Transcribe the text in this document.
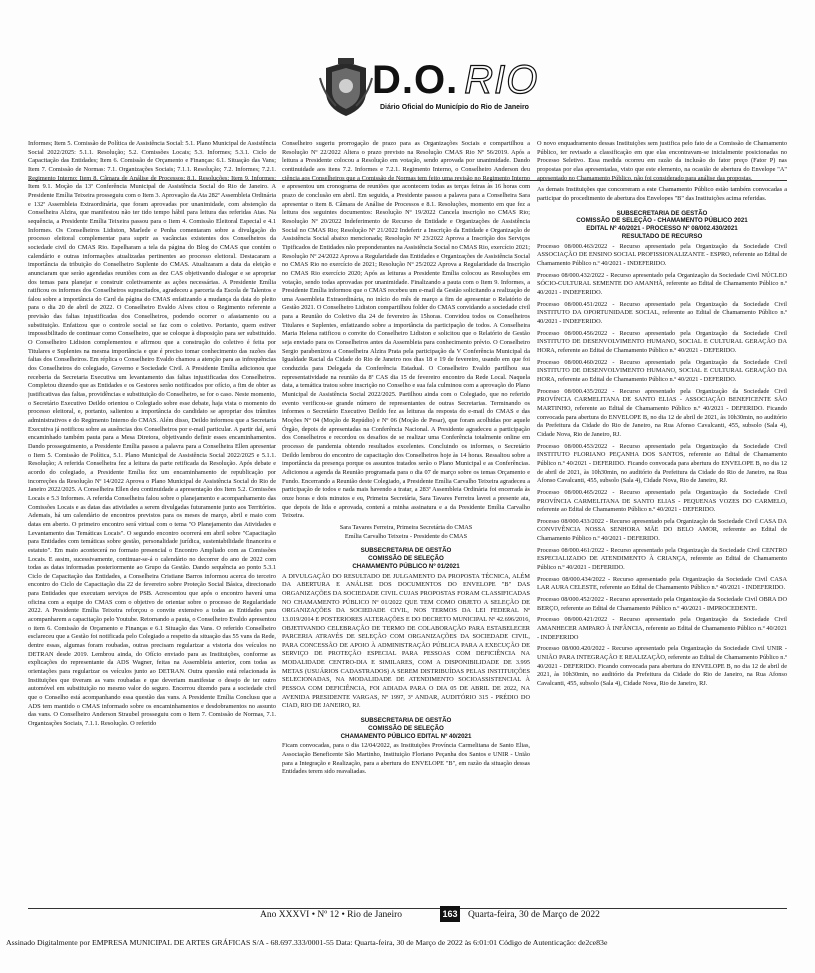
D.O. RIO
Diário Oficial do Município do Rio de Janeiro

Informes; Item 5. Comissão de Política de Assistência Social: 5.1. Plano Municipal de Assistência Social 2022/2025: 5.1.1. Resolução; 5.2. Comissões Locais; 5.3. Informes; 5.3.1. Ciclo de Capacitação das Entidades; Item 6. Comissão de Orçamento e Finanças: 6.1. Situação das Vans; Item 7. Comissão de Normas: 7.1. Organizações Sociais; 7.1.1. Resolução; 7.2. Informes; 7.2.1. Regimento Interno; Item 8. Câmara de Análise de Processos: 8.1. Resoluções; Item 9. Informes; Item 9.1. Moção da 13ª Conferência Municipal de Assistência Social do Rio de Janeiro. A Presidente Emília Teixeira prosseguiu com o Item 3. Aprovação da Ata 282ª Assembleia Ordinária e 132ª Assembleia Extraordinária, que foram aprovadas por unanimidade, com abstenção da Conselheira Alzira, que manifestou não ter tido tempo hábil para leitura das referidas Atas. Na sequência, a Presidente Emília Teixeira passou para o Item 4. Comissão Eleitoral Especial e 4.1 Informes. Os Conselheiros Lidiston, Marlede e Penha comentaram sobre a divulgação do processo eleitoral complementar para suprir as vacâncias existentes dos Conselheiros da sociedade civil do CMAS Rio. Espelharam a tela da página do Blog do CMAS que contém o calendário e outras informações atualizadas pertinentes ao processo eleitoral. Destacaram a importância da tribuição do Conselheiro Suplente do CMAS. Atualizaram a data da eleição e anunciaram que serão agendadas reuniões com as dez CAS objetivando dialogar e se apropriar dos temas para planejar e construir coletivamente as ações necessárias. A Presidente Emília ratificou os informes dos Conselheiros supracitados, agradeceu a parceria da Escola de Talentos e falou sobre a importância do Card da página do CMAS enfatizando a mudança da data do pleito para o dia 20 de abril de 2022. O Conselheiro Evaldo Alves citou o Regimento referente a previsão das faltas injustificadas dos Conselheiros, podendo ocorrer o afastamento ou a substituição. Enfatizou que o controle social se faz com o coletivo. Portanto, quem estiver impossibilitado de continuar como Conselheiro, que se coloque à disposição para ser substituído. O Conselheiro Lidiston complementou e afirmou que a construção do coletivo é feita por Titulares e Suplentes na mesma importância e que é preciso tomar conhecimento das razões das faltas dos Conselheiros. Em réplica o Conselheiro Evaldo chamou a atenção para as infrequências dos Conselheiros do colegiado, Governo e Sociedade Civil. A Presidente Emília adicionou que receberia da Secretaria Executiva um levantamento das faltas injustificadas dos Conselheiros. Completou dizendo que as Entidades e os Gestores serão notificados por ofício, a fim de obter as justificativas das faltas, providências e substituição do Conselheiro, se for o caso. Neste momento, o Secretário Executivo Deildo orientou o Colegiado sobre esse debate, haja vista o momento do processo eleitoral, e, portanto, salientou a importância do candidato se apropriar dos trâmites administrativos e do Regimento Interno do CMAS. Além disso, Deildo informou que a Secretaria Executiva já notificou sobre as ausências dos Conselheiros por e-mail particular. A partir daí, será encaminhado também pauta para a Mesa Diretora, objetivando definir esses encaminhamentos. Dando prosseguimento, a Presidente Emília passou a palavra para a Conselheira Ellen apresentar o Item 5. Comissão de Política, 5.1. Plano Municipal de Assistência Social 2022/2025 e 5.1.1. Resolução; A referida Conselheira fez a leitura da parte retificada da Resolução. Após debate e acordo do colegiado, a Presidente Emília fez um encaminhamento de republicação por incorreções da Resolução Nº 14/2022 Aprova o Plano Municipal de Assistência Social do Rio de Janeiro 2022/2025. A Conselheira Ellen deu continuidade a apresentação dos Item 5.2. Comissões Locais e 5.3 Informes. A referida Conselheira falou sobre o planejamento e acompanhamento das Comissões Locais e as datas das atividades a serem divulgadas futuramente junto aos Territórios. Ademais, há um calendário de encontros previstos para os meses de março, abril e maio com datas em aberto. O primeiro encontro será virtual com o tema "O Planejamento das Atividades e Levantamento das Temáticas Locais". O segundo encontro ocorrerá em abril sobre "Capacitação para Entidades com temáticas sobre gestão, personalidade jurídica, sustentabilidade financeira e estatuto". Em maio acontecerá no formato presencial o Encontro Ampliado com as Comissões Locais. E assim, sucessivamente, continuar-se-á o calendário no decorrer do ano de 2022 com todas as datas informadas posteriormente ao Grupo da Gestão. Dando sequência ao ponto 5.3.1 Ciclo de Capacitação das Entidades, a Conselheira Cristiane Barros informou acerca do terceiro encontro do Ciclo de Capacitação dia 22 de fevereiro sobre Proteção Social Básica, direcionado para Entidades que executam serviços de PSB. Acrescentou que após o encontro haverá uma oficina com a equipe do CMAS com o objetivo de orientar sobre o processo de Regularidade 2022. A Presidente Emília Teixeira reforçou o convite extensivo a todas as Entidades para acompanharem a capacitação pelo Youtube. Retornando a pauta, o Conselheiro Evaldo apresentou o item 6. Comissão de Orçamento e Finanças e 6.1 Situação das Vans. O referido Conselheiro esclareceu que a Gestão foi notificada pelo Colegiado a respeito da situação das 55 vans da Rede, dentre essas, algumas foram roubadas, outras precisam regularizar a vistoria dos veículos no DETRAN desde 2019. Lembrou ainda, do Ofício enviado para as Instituições, conforme as explicações do representante da ADS Wagner, feitas na Assembleia anterior, com todas as orientações para regularizar os veículos junto ao DETRAN. Outra questão está relacionada às Instituições que tiveram as vans roubadas e que deveriam manifestar o desejo de ter outro automóvel em substituição no mesmo valor do seguro. Encerrou dizendo para a sociedade civil que o Conselho está acompanhando essa questão das vans. A Presidente Emília Conclusu que a ADS tem mantido o CMAS informado sobre os encaminhamentos e desdobramentos no assunto das vans. O Conselheiro Anderson Straubel prosseguiu com o Item 7. Comissão de Normas, 7.1. Organizações Sociais, 7.1.1. Resolução. O referido

Conselheiro sugeriu prorrogação de prazo para as Organizações Sociais e compartilhou a Resolução Nº 22/2022 Altera o prazo previsto na Resolução CMAS Rio Nº 56/2019. Após a leitura a Presidente colocou a Resolução em votação, sendo aprovada por unanimidade. Dando continuidade aos itens 7.2. Informes e 7.2.1. Regimento Interno, o Conselheiro Anderson deu ciência aos Conselheiros que a Comissão de Normas tem feito uma revisão no Regimento Interno e apresentou um cronograma de reuniões que acontecem todas as terças feiras às 16 horas com prazo de conclusão em abril. Em seguida, a Presidente passou a palavra para a Conselheira Sara apresentar o item 8. Câmara de Análise de Processos e 8.1. Resoluções, momento em que fez a leitura dos seguintes documentos: Resolução Nº 19/2022 Cancela inscrição no CMAS Rio; Resolução Nº 20/2022 Indeferimento de Recurso de Entidade e Organizações de Assistência Social no CMAS Rio; Resolução Nº 21/2022 Indeferir a Inscrição da Entidade e Organização de Assistência Social abaixo mencionada; Resolução Nº 23/2022 Aprova a Inscrição dos Serviços Tipificados de Entidades não preponderantes na Assistência Social no CMAS Rio, exercício 2021; Resolução Nº 24/2022 Aprova a Regularidade das Entidades e Organizações de Assistência Social no CMAS Rio no exercício de 2021; Resolução Nº 25/2022 Aprova a Regularidade da Inscrição no CMAS Rio exercício 2020; Após as leituras a Presidente Emília colocou as Resoluções em votação, sendo todas aprovadas por unanimidade. Finalizando a pauta com o Item 9. Informes, a Presidente Emília informou que o CMAS recebeu um e-mail da Gestão solicitando a realização de uma Assembleia Extraordinária, no início do mês de março a fim de apresentar o Relatório de Gestão 2021. O Conselheiro Lidiston compartilhou folder do CMAS convidando a sociedade civil para a Reunião do Coletivo dia 24 de fevereiro às 15horas. Convidou todos os Conselheiros Titulares e Suplentes, enfatizando sobre a importância da participação de todos. A Conselheira Maria Helena ratificou o convite do Conselheiro Lidiston e solicitou que o Relatório de Gestão seja enviado para os Conselheiros antes da Assembleia para conhecimento prévio. O Conselheiro Sergio parabenizou a Conselheira Alzira Prata pela participação da V Conferência Municipal da Igualdade Racial da Cidade do Rio de Janeiro nos dias 18 e 19 de fevereiro, usando em que foi conduzida para Delegada da Conferência Estadual. O Conselheiro Evaldo partilhou sua representatividade na reunião da 8ª CAS dia 15 de fevereiro encontro da Rede Local. Naquela data, a temática tratou sobre inscrição no Conselho e sua fala culminou com a aprovação do Plano Municipal de Assistência Social 2022/2025. Partilhou ainda com o Colegiado, que no referido evento verificou-se grande número de representantes de outras Secretarias. Terminando os informes o Secretário Executivo Deildo fez as leituras da resposta do e-mail do CMAS e das Moções Nº 04 (Moção de Repúdio) e Nº 06 (Moção de Pesar), que foram acolhidas por aquele Órgão, depois de apresentadas na Conferência Nacional. A Presidente agradeceu a participação dos Conselheiros e recordou os desafios de se realizar uma Conferência totalmente online em processo de pandemia obtendo resultados excelentes. Concluindo os informes, o Secretário Deildo lembrou do encontro de capacitação dos Conselheiros hoje às 14 horas. Ressaltou sobre a importância da presença porque os assuntos tratados serão o Plano Municipal e as Conferências. Adicionou a agenda da Reunião programada para o dia 07 de março sobre os temas Orçamento e Fundo. Encerrando a Reunião deste Colegiado, a Presidente Emília Carvalho Teixeira agradeceu a participação de todos e nada mais havendo a tratar, a 283ª Assembleia Ordinária foi encerrada às onze horas e dois minutos e eu, Primeira Secretária, Sara Tavares Ferreira lavrei a presente ata, que depois de lida e aprovada, conterá a minha assinatura e a da Presidente Emília Carvalho Teixeira.

Sara Tavares Ferreira, Primeira Secretária do CMAS
Emília Carvalho Teixeira - Presidente do CMAS
SUBSECRETARIA DE GESTÃO
COMISSÃO DE SELEÇÃO
CHAMAMENTO PÚBLICO Nº 01/2021

A DIVULGAÇÃO DO RESULTADO DE JULGAMENTO DA PROPOSTA TÉCNICA, ALÉM DA ABERTURA E ANÁLISE DOS DOCUMENTOS DO ENVELOPE "B" DAS ORGANIZAÇÕES DA SOCIEDADE CIVIL CUJAS PROPOSTAS FORAM CLASSIFICADAS NO CHAMAMENTO PÚBLICO Nº 01/2022 QUE TEM COMO OBJETO A SELEÇÃO DE ORGANIZAÇÕES DA SOCIEDADE CIVIL, NOS TERMOS DA LEI FEDERAL Nº 13.019/2014 E POSTERIORES ALTERAÇÕES E DO DECRETO MUNICIPAL Nº 42.696/2016, OBJETIVANDO CELEBRAÇÃO DE TERMO DE COLABORAÇÃO PARA ESTABELECER PARCERIA ATRAVÉS DE SELEÇÃO COM ORGANIZAÇÕES DA SOCIEDADE CIVIL, PARA CONCESSÃO DE APOIO À ADMINISTRAÇÃO PÚBLICA PARA A EXECUÇÃO DE SERVIÇO DE PROTEÇÃO ESPECIAL PARA PESSOAS COM DEFICIÊNCIA NA MODALIDADE CENTRO-DIA E SIMILARES, COM A DISPONIBILIDADE DE 3.995 METAS (USUÁRIOS CADASTRADOS) A SEREM DISTRIBUÍDAS PELAS INSTITUIÇÕES SELECIONADAS, NA MODALIDADE DE ATENDIMENTO SOCIOASSISTENCIAL À PESSOA COM DEFICIÊNCIA, FOI ADIADA PARA O DIA 05 DE ABRIL DE 2022, NA AVENIDA PRESIDENTE VARGAS, Nº 1997, 3º ANDAR, AUDITÓRIO 315 - PRÉDIO DO CIAD, RIO DE JANEIRO, RJ.

SUBSECRETARIA DE GESTÃO
COMISSÃO DE SELEÇÃO
CHAMAMENTO PÚBLICO EDITAL Nº 40/2021

Ficam convocadas, para o dia 12/04/2022, as Instituições Província Carmelitana de Santo Elias, Associação Beneficente São Martinho, Instituição Floriano Peçanha dos Santos e UNIR - União para a Integração e Realização, para a abertura do ENVELOPE "B", em razão da situação dessas Entidades terem sido reavaliadas.

O novo enquadramento dessas Instituições sem justifica pelo fato de a Comissão de Chamamento Público, ter revisado a classificação em que elas encontravam-se inicialmente posicionadas no Processo Seletivo. Essa medida ocorreu em razão da inclusão do fator preço (Fator P) nas propostas por elas apresentadas, visto que este elemento, na ocasião de abertura do Envelope "A" apresentado no Chamamento Público, não foi considerado para análise das propostas.

As demais Instituições que concorreram a este Chamamento Público estão também convocadas a participar do procedimento de abertura dos Envelopes "B" das Instituições acima referidas.

SUBSECRETARIA DE GESTÃO
COMISSÃO DE SELEÇÃO - CHAMAMENTO PÚBLICO 2021
EDITAL Nº 40/2021 - PROCESSO Nº 08/002.430/2021
RESULTADO DE RECURSO

Processo 08/000.463/2022 - Recurso apresentado pela Organização da Sociedade Civil ASSOCIAÇÃO DE ENSINO SOCIAL PROFISSIONALIZANTE - ESPRO, referente ao Edital de Chamamento Público n.º 40/2021 - INDEFERIDO.

Processo 08/000.432/2022 - Recurso apresentado pela Organização da Sociedade Civil NÚCLEO SÓCIO-CULTURAL SEMENTE DO AMANHÃ, referente ao Edital de Chamamento Público n.º 40/2021 - INDEFERIDO.

Processo 08/000.451/2022 - Recurso apresentado pela Organização da Sociedade Civil INSTITUTO DA OPORTUNIDADE SOCIAL, referente ao Edital de Chamamento Público n.º 40/2021 - INDEFERIDO.

Processo 08/000.456/2022 - Recurso apresentado pela Organização da Sociedade Civil INSTITUTO DE DESENVOLVIMENTO HUMANO, SOCIAL E CULTURAL GERAÇÃO DA HORA, referente ao Edital de Chamamento Público n.º 40/2021 - DEFERIDO.

Processo 08/000.460/2022 - Recurso apresentado pela Organização da Sociedade Civil INSTITUTO DE DESENVOLVIMENTO HUMANO, SOCIAL E CULTURAL GERAÇÃO DA HORA, referente ao Edital de Chamamento Público n.º 40/2021 - DEFERIDO.

Processo 08/000.435/2022 - Recurso apresentado pela Organização da Sociedade Civil PROVÍNCIA CARMELITANA DE SANTO ELIAS - ASSOCIAÇÃO BENEFICENTE SÃO MARTINHO, referente ao Edital de Chamamento Público n.º 40/2021 - DEFERIDO. Ficando convocada para abertura do ENVELOPE B, no dia 12 de abril de 2021, às 10h30min, no auditório da Prefeitura da Cidade do Rio de Janeiro, na Rua Afonso Cavalcanti, 455, subsolo (Sala 4), Cidade Nova, Rio de Janeiro, RJ.

Processo 08/000.453/2022 - Recurso apresentado pela Organização da Sociedade Civil INSTITUTO FLORIANO PEÇANHA DOS SANTOS, referente ao Edital de Chamamento Público n.º 40/2021 - DEFERIDO. Ficando convocada para abertura do ENVELOPE B, no dia 12 de abril de 2021, às 10h30min, no auditório da Prefeitura da Cidade do Rio de Janeiro, na Rua Afonso Cavalcanti, 455, subsolo (Sala 4), Cidade Nova, Rio de Janeiro, RJ.

Processo 08/000.465/2022 - Recurso apresentado pela Organização da Sociedade Civil PROVÍNCIA CARMELITANA DE SANTO ELIAS - PEQUENAS VOZES DO CARMELO, referente ao Edital de Chamamento Público n.º 40/2021 - DEFERIDO.

Processo 08/000.433/2022 - Recurso apresentado pela Organização da Sociedade Civil CASA DA CONVIVÊNCIA NOSSA SENHORA MÃE DO BELO AMOR, referente ao Edital de Chamamento Público n.º 40/2021 - DEFERIDO.

Processo 08/000.461/2022 - Recurso apresentado pela Organização da Sociedade Civil CENTRO ESPECIALIZADO DE ATENDIMENTO À CRIANÇA, referente ao Edital de Chamamento Público n.º 40/2021 - DEFERIDO.

Processo 08/000.434/2022 - Recurso apresentado pela Organização da Sociedade Civil CASA LAR AURA CELESTE, referente ao Edital de Chamamento Público n.º 40/2021 - INDEFERIDO.

Processo 08/000.452/2022 - Recurso apresentado pela Organização da Sociedade Civil OBRA DO BERÇO, referente ao Edital de Chamamento Público n.º 40/2021 - IMPROCEDENTE.

Processo 08/000.421/2022 - Recurso apresentado pela Organização da Sociedade Civil AMANHECER AMPARO À INFÂNCIA, referente ao Edital de Chamamento Público n.º 40/2021 - INDEFERIDO

Processo 08/000.420/2022 - Recurso apresentado pela Organização da Sociedade Civil UNIR - UNIÃO PARA INTEGRAÇÃO E REALIZAÇÃO, referente ao Edital de Chamamento Público n.º 40/2021 - DEFERIDO. Ficando convocada para abertura do ENVELOPE B, no dia 12 de abril de 2021, às 10h30min, no auditório da Prefeitura da Cidade do Rio de Janeiro, na Rua Afonso Cavalcanti, 455, subsolo (Sala 4), Cidade Nova, Rio de Janeiro, RJ.

Ano XXXVI • Nº 12 • Rio de Janeiro	163 Quarta-feira, 30 de Março de 2022
Assinado Digitalmente por EMPRESA MUNICIPAL DE ARTES GRÁFICAS S/A - 68.697.333/0001-55 Data: Quarta-feira, 30 de Março de 2022 às 6:01:01 Código de Autenticação: de2ce83e
